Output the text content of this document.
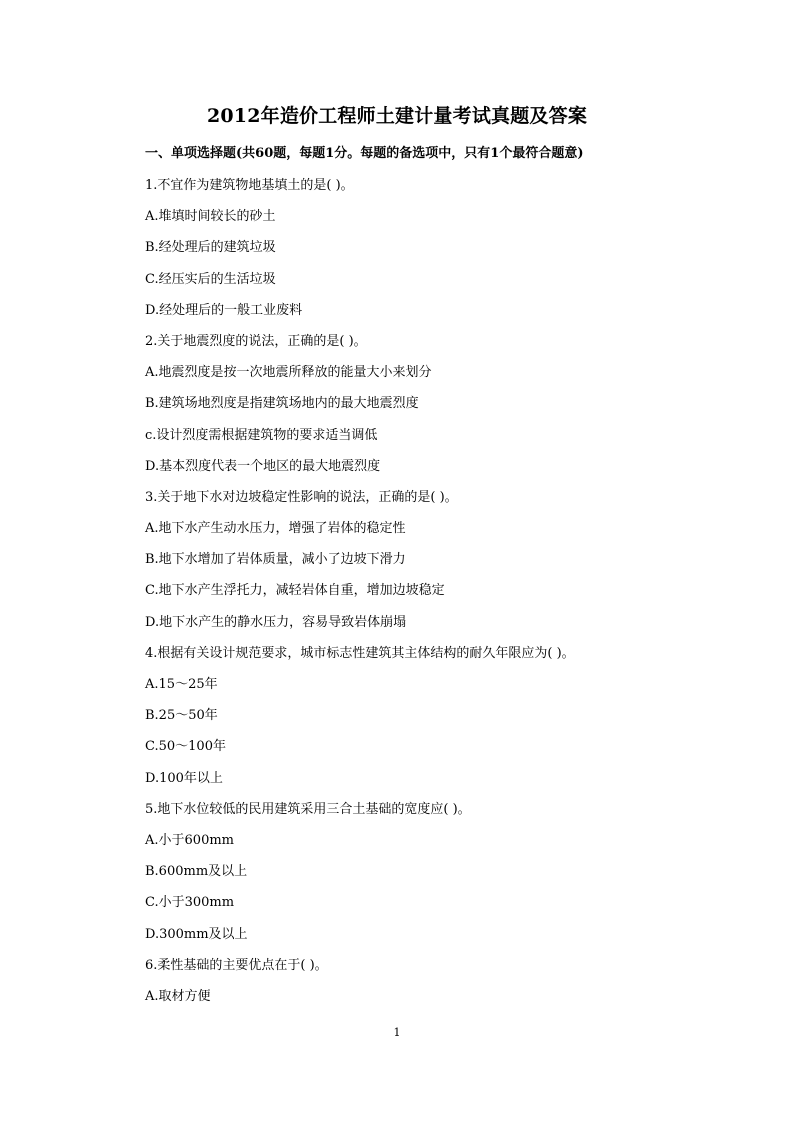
2012年造价工程师土建计量考试真题及答案
一、单项选择题(共60题，每题1分。每题的备选项中，只有1个最符合题意)
1.不宜作为建筑物地基填土的是( )。
A.堆填时间较长的砂土
B.经处理后的建筑垃圾
C.经压实后的生活垃圾
D.经处理后的一般工业废料
2.关于地震烈度的说法，正确的是( )。
A.地震烈度是按一次地震所释放的能量大小来划分
B.建筑场地烈度是指建筑场地内的最大地震烈度
c.设计烈度需根据建筑物的要求适当调低
D.基本烈度代表一个地区的最大地震烈度
3.关于地下水对边坡稳定性影响的说法，正确的是( )。
A.地下水产生动水压力，增强了岩体的稳定性
B.地下水增加了岩体质量，减小了边坡下滑力
C.地下水产生浮托力，减轻岩体自重，增加边坡稳定
D.地下水产生的静水压力，容易导致岩体崩塌
4.根据有关设计规范要求，城市标志性建筑其主体结构的耐久年限应为( )。
A.15～25年
B.25～50年
C.50～100年
D.100年以上
5.地下水位较低的民用建筑采用三合土基础的宽度应( )。
A.小于600mm
B.600mm及以上
C.小于300mm
D.300mm及以上
6.柔性基础的主要优点在于( )。
A.取材方便
1
